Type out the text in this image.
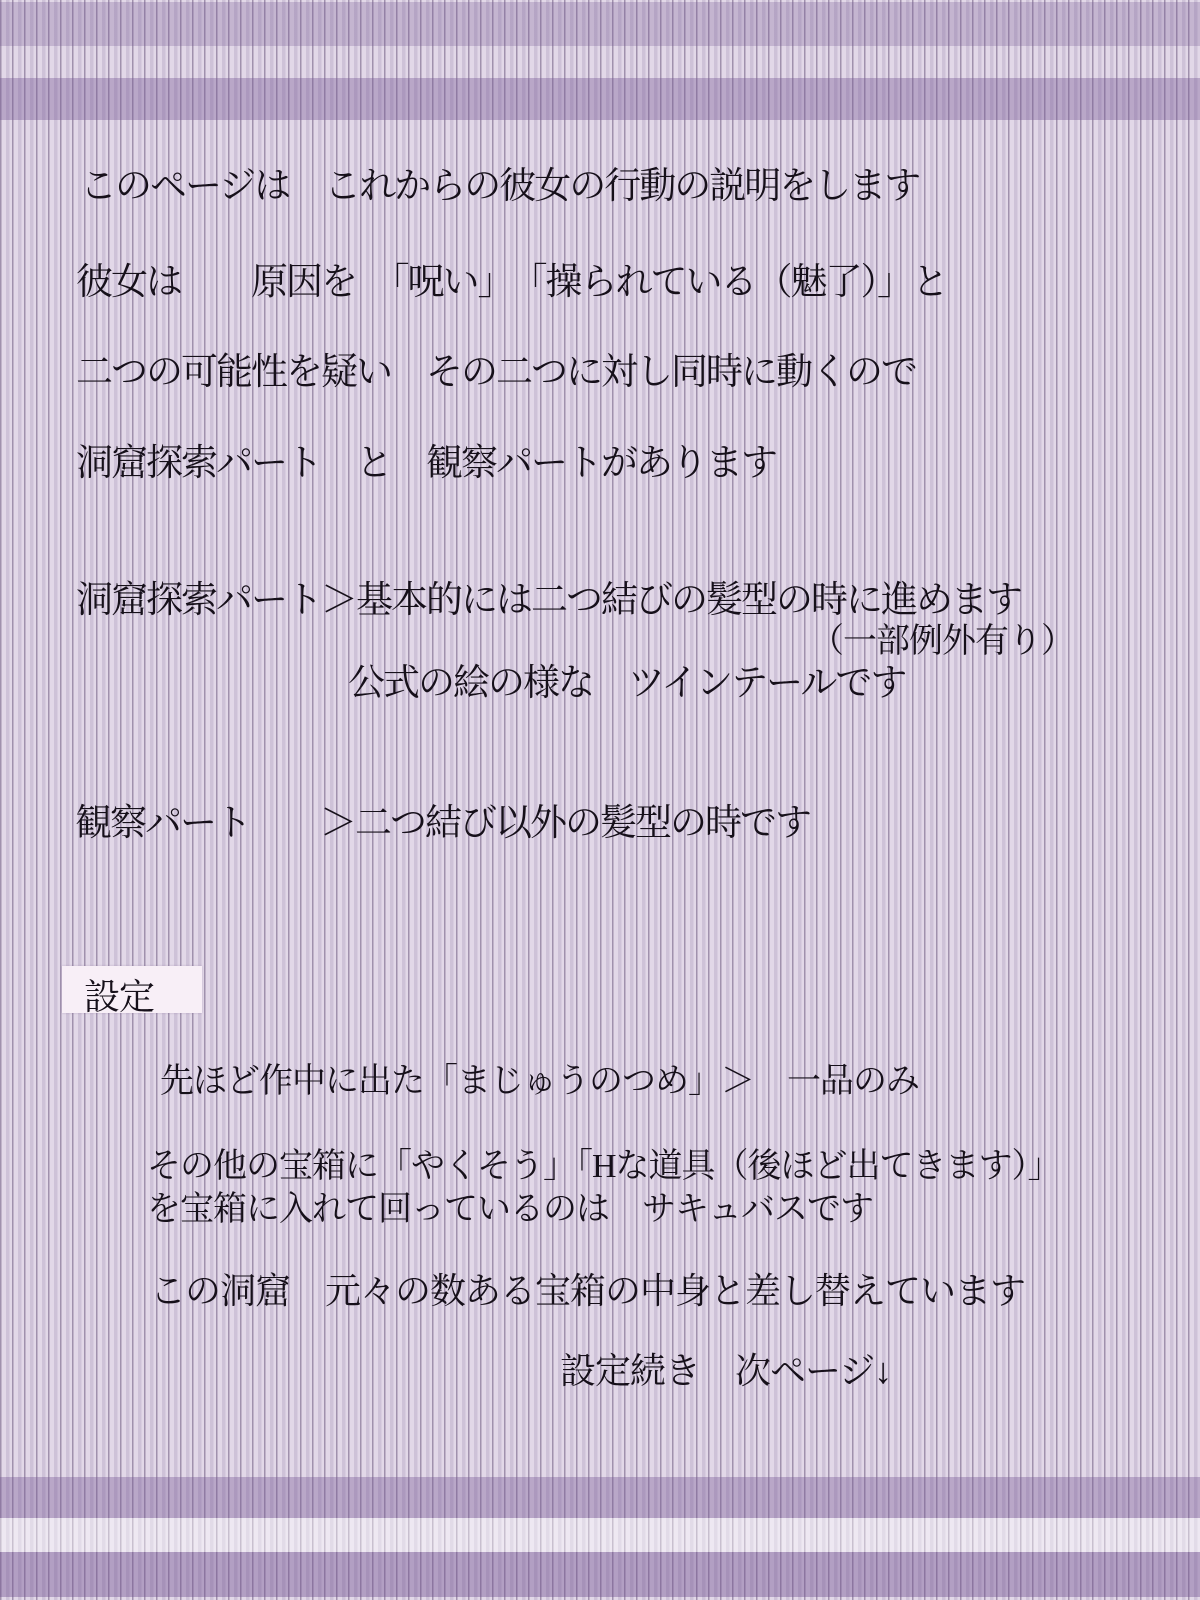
このページは　これからの彼女の行動の説明をします
彼女は　　原因を　「呪い」　「操られている（魅了）」と
二つの可能性を疑い　その二つに対し同時に動くので
洞窟探索パート　と　観察パートがあります
洞窟探索パート＞基本的には二つ結びの髪型の時に進めます
（一部例外有り）
公式の絵の様な　ツインテールです
観察パート　　＞二つ結び以外の髪型の時です
設定
先ほど作中に出た「まじゅうのつめ」＞　一品のみ
その他の宝箱に「やくそう」「Hな道具（後ほど出てきます）」
を宝箱に入れて回っているのは　サキュバスです
この洞窟　元々の数ある宝箱の中身と差し替えています
設定続き　次ページ↓
